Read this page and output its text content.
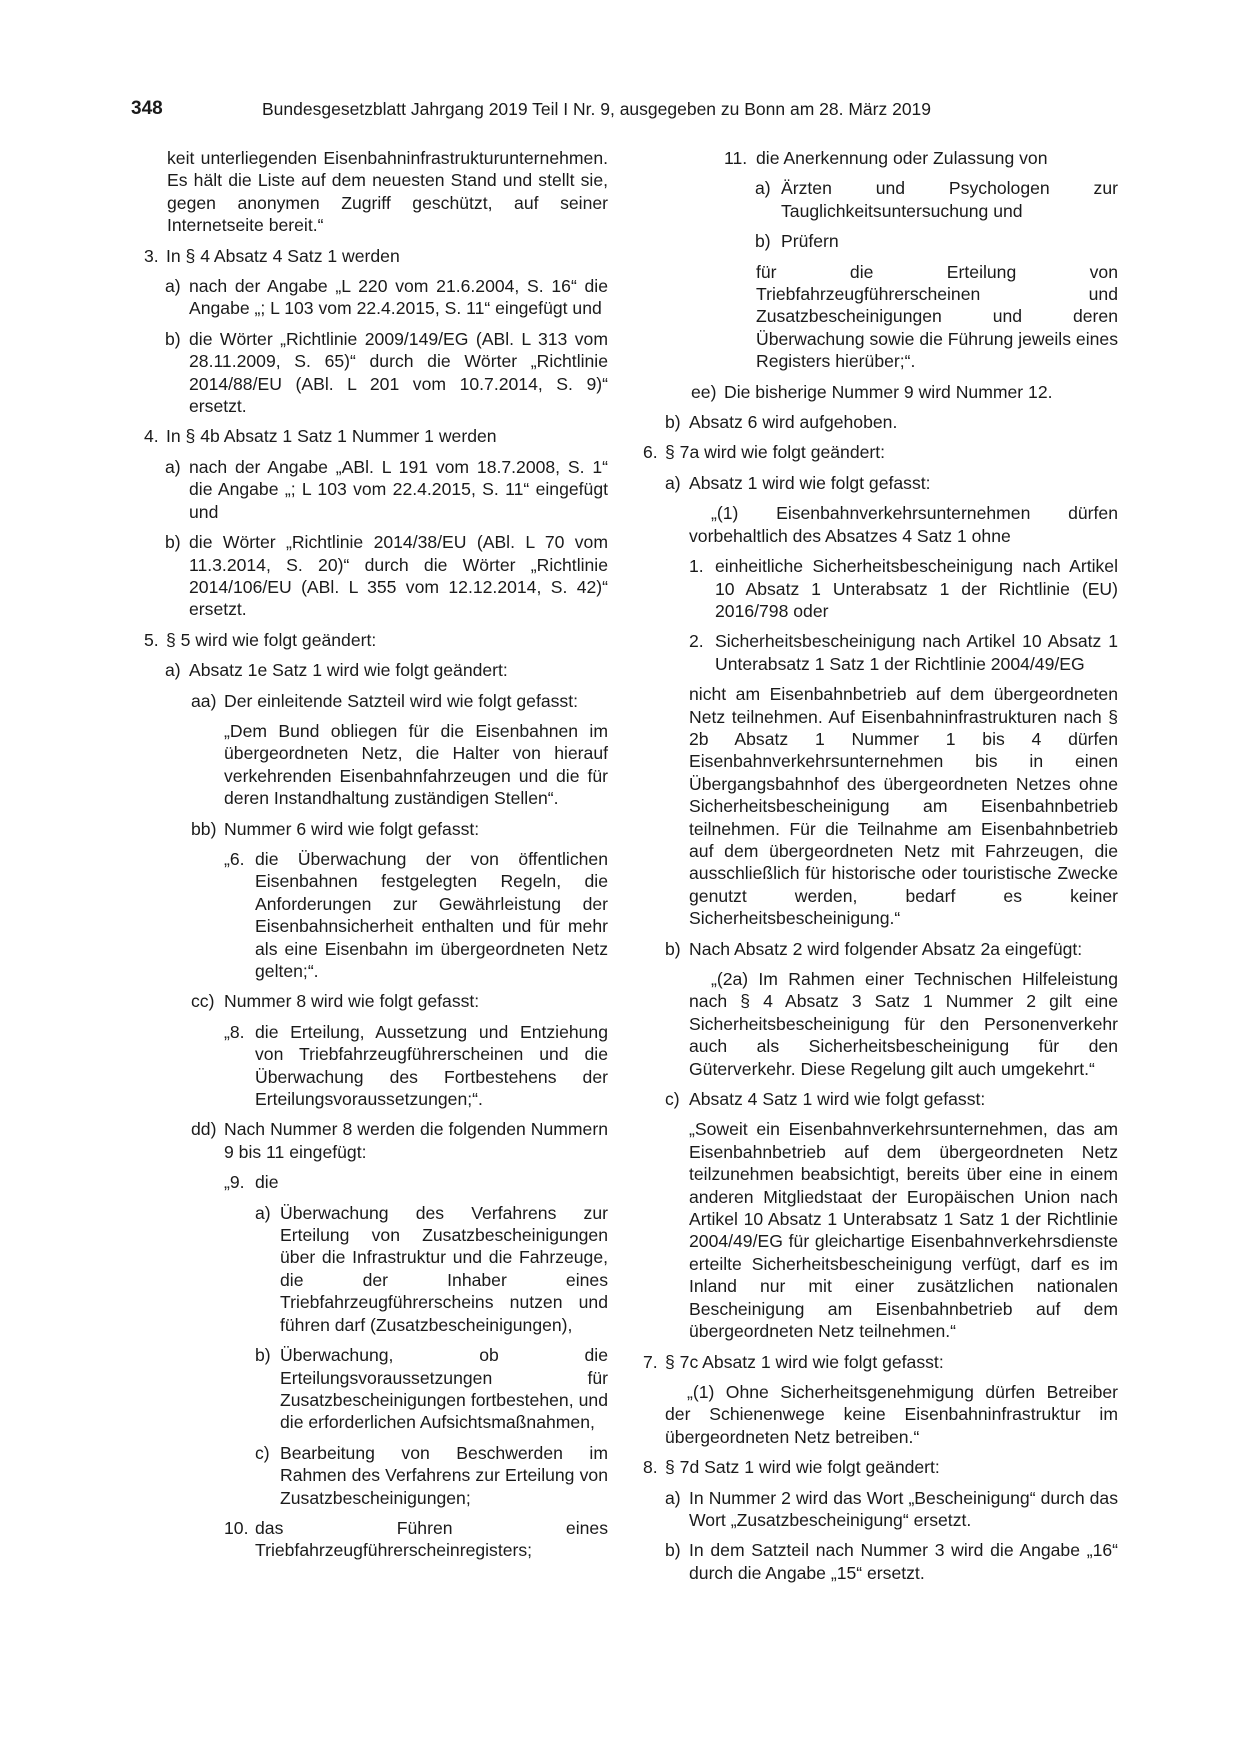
348	Bundesgesetzblatt Jahrgang 2019 Teil I Nr. 9, ausgegeben zu Bonn am 28. März 2019

keit unterliegenden Eisenbahninfrastrukturunternehmen. Es hält die Liste auf dem neuesten Stand und stellt sie, gegen anonymen Zugriff geschützt, auf seiner Internetseite bereit.“

3. In § 4 Absatz 4 Satz 1 werden
a) nach der Angabe „L 220 vom 21.6.2004, S. 16“ die Angabe „; L 103 vom 22.4.2015, S. 11“ eingefügt und
b) die Wörter „Richtlinie 2009/149/EG (ABl. L 313 vom 28.11.2009, S. 65)“ durch die Wörter „Richtlinie 2014/88/EU (ABl. L 201 vom 10.7.2014, S. 9)“ ersetzt.
4. In § 4b Absatz 1 Satz 1 Nummer 1 werden
a) nach der Angabe „ABl. L 191 vom 18.7.2008, S. 1“ die Angabe „; L 103 vom 22.4.2015, S. 11“ eingefügt und
b) die Wörter „Richtlinie 2014/38/EU (ABl. L 70 vom 11.3.2014, S. 20)“ durch die Wörter „Richtlinie 2014/106/EU (ABl. L 355 vom 12.12.2014, S. 42)“ ersetzt.
5. § 5 wird wie folgt geändert:
a) Absatz 1e Satz 1 wird wie folgt geändert:
aa) Der einleitende Satzteil wird wie folgt gefasst:

„Dem Bund obliegen für die Eisenbahnen im übergeordneten Netz, die Halter von hierauf verkehrenden Eisenbahnfahrzeugen und die für deren Instandhaltung zuständigen Stellen“.

bb) Nummer 6 wird wie folgt gefasst:
„6. die Überwachung der von öffentlichen Eisenbahnen festgelegten Regeln, die Anforderungen zur Gewährleistung der Eisenbahnsicherheit enthalten und für mehr als eine Eisenbahn im übergeordneten Netz gelten;“.
cc) Nummer 8 wird wie folgt gefasst:
„8. die Erteilung, Aussetzung und Entziehung von Triebfahrzeugführerscheinen und die Überwachung des Fortbestehens der Erteilungsvoraussetzungen;“.
dd) Nach Nummer 8 werden die folgenden Nummern 9 bis 11 eingefügt:
„9. die
a) Überwachung des Verfahrens zur Erteilung von Zusatzbescheinigungen über die Infrastruktur und die Fahrzeuge, die der Inhaber eines Triebfahrzeugführerscheins nutzen und führen darf (Zusatzbescheinigungen),
b) Überwachung, ob die Erteilungsvoraussetzungen für Zusatzbescheinigungen fortbestehen, und die erforderlichen Aufsichtsmaßnahmen,
c) Bearbeitung von Beschwerden im Rahmen des Verfahrens zur Erteilung von Zusatzbescheinigungen;
10. das Führen eines Triebfahrzeugführerscheinregisters;
11. die Anerkennung oder Zulassung von
a) Ärzten und Psychologen zur Tauglichkeitsuntersuchung und
b) Prüfern

für die Erteilung von Triebfahrzeugführerscheinen und Zusatzbescheinigungen und deren Überwachung sowie die Führung jeweils eines Registers hierüber;“.

ee) Die bisherige Nummer 9 wird Nummer 12.
b) Absatz 6 wird aufgehoben.
6. § 7a wird wie folgt geändert:
a) Absatz 1 wird wie folgt gefasst:

„(1) Eisenbahnverkehrsunternehmen dürfen vorbehaltlich des Absatzes 4 Satz 1 ohne

1. einheitliche Sicherheitsbescheinigung nach Artikel 10 Absatz 1 Unterabsatz 1 der Richtlinie (EU) 2016/798 oder
2. Sicherheitsbescheinigung nach Artikel 10 Absatz 1 Unterabsatz 1 Satz 1 der Richtlinie 2004/49/EG

nicht am Eisenbahnbetrieb auf dem übergeordneten Netz teilnehmen. Auf Eisenbahninfrastrukturen nach § 2b Absatz 1 Nummer 1 bis 4 dürfen Eisenbahnverkehrsunternehmen bis in einen Übergangsbahnhof des übergeordneten Netzes ohne Sicherheitsbescheinigung am Eisenbahnbetrieb teilnehmen. Für die Teilnahme am Eisenbahnbetrieb auf dem übergeordneten Netz mit Fahrzeugen, die ausschließlich für historische oder touristische Zwecke genutzt werden, bedarf es keiner Sicherheitsbescheinigung.“

b) Nach Absatz 2 wird folgender Absatz 2a eingefügt:

„(2a) Im Rahmen einer Technischen Hilfeleistung nach § 4 Absatz 3 Satz 1 Nummer 2 gilt eine Sicherheitsbescheinigung für den Personenverkehr auch als Sicherheitsbescheinigung für den Güterverkehr. Diese Regelung gilt auch umgekehrt.“

c) Absatz 4 Satz 1 wird wie folgt gefasst:

„Soweit ein Eisenbahnverkehrsunternehmen, das am Eisenbahnbetrieb auf dem übergeordneten Netz teilzunehmen beabsichtigt, bereits über eine in einem anderen Mitgliedstaat der Europäischen Union nach Artikel 10 Absatz 1 Unterabsatz 1 Satz 1 der Richtlinie 2004/49/EG für gleichartige Eisenbahnverkehrsdienste erteilte Sicherheitsbescheinigung verfügt, darf es im Inland nur mit einer zusätzlichen nationalen Bescheinigung am Eisenbahnbetrieb auf dem übergeordneten Netz teilnehmen.“

7. § 7c Absatz 1 wird wie folgt gefasst:

„(1) Ohne Sicherheitsgenehmigung dürfen Betreiber der Schienenwege keine Eisenbahninfrastruktur im übergeordneten Netz betreiben.“

8. § 7d Satz 1 wird wie folgt geändert:
a) In Nummer 2 wird das Wort „Bescheinigung“ durch das Wort „Zusatzbescheinigung“ ersetzt.
b) In dem Satzteil nach Nummer 3 wird die Angabe „16“ durch die Angabe „15“ ersetzt.
